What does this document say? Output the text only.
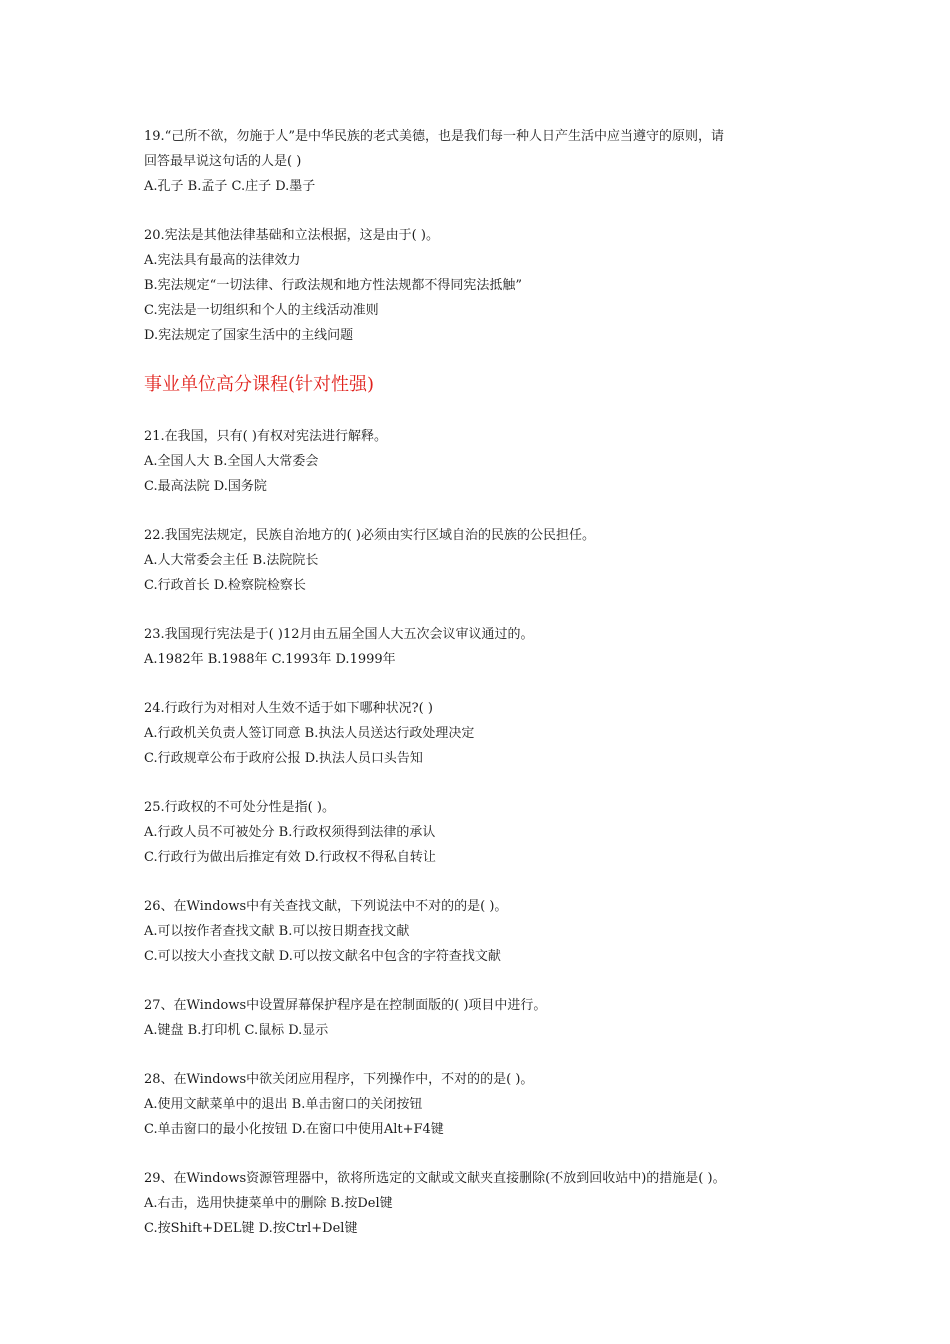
19.“己所不欲，勿施于人”是中华民族的老式美德，也是我们每一种人日产生活中应当遵守的原则，请
回答最早说这句话的人是( )
A.孔子 B.孟子 C.庄子 D.墨子
20.宪法是其他法律基础和立法根据，这是由于( )。
A.宪法具有最高的法律效力
B.宪法规定“一切法律、行政法规和地方性法规都不得同宪法抵触”
C.宪法是一切组织和个人的主线活动准则
D.宪法规定了国家生活中的主线问题
事业单位高分课程(针对性强)
21.在我国，只有( )有权对宪法进行解释。
A.全国人大 B.全国人大常委会
C.最高法院 D.国务院
22.我国宪法规定，民族自治地方的( )必须由实行区域自治的民族的公民担任。
A.人大常委会主任 B.法院院长
C.行政首长 D.检察院检察长
23.我国现行宪法是于( )12月由五届全国人大五次会议审议通过的。
A.1982年 B.1988年 C.1993年 D.1999年
24.行政行为对相对人生效不适于如下哪种状况?( )
A.行政机关负责人签订同意 B.执法人员送达行政处理决定
C.行政规章公布于政府公报 D.执法人员口头告知
25.行政权的不可处分性是指( )。
A.行政人员不可被处分 B.行政权须得到法律的承认
C.行政行为做出后推定有效 D.行政权不得私自转让
26、在Windows中有关查找文献，下列说法中不对的的是( )。
A.可以按作者查找文献 B.可以按日期查找文献
C.可以按大小查找文献 D.可以按文献名中包含的字符查找文献
27、在Windows中设置屏幕保护程序是在控制面版的( )项目中进行。
A.键盘 B.打印机 C.鼠标 D.显示
28、在Windows中欲关闭应用程序，下列操作中，不对的的是( )。
A.使用文献菜单中的退出 B.单击窗口的关闭按钮
C.单击窗口的最小化按钮 D.在窗口中使用Alt+F4键
29、在Windows资源管理器中，欲将所选定的文献或文献夹直接删除(不放到回收站中)的措施是( )。
A.右击，选用快捷菜单中的删除 B.按Del键
C.按Shift+DEL键 D.按Ctrl+Del键
